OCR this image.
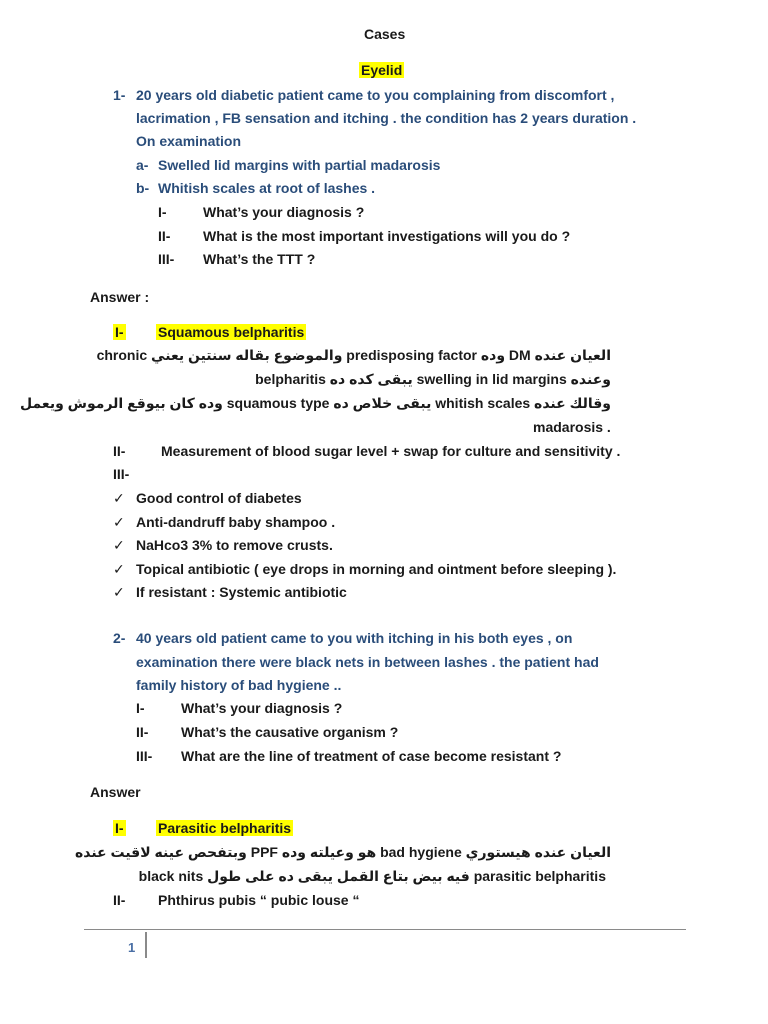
Cases
Eyelid
1- 20 years old diabetic patient came to you complaining from discomfort ,
lacrimation , FB sensation and itching . the condition has 2 years duration .
On examination
a- Swelled lid margins with partial madarosis
b- Whitish scales at root of lashes .
I-	What’s your diagnosis ?
II- What is the most important investigations will you do ?
III- What’s the TTT ?
Answer :
I- Squamous belpharitis
العيان عنده DM وده predisposing factor والموضوع بقاله سنتين يعني chronic
وعنده swelling in lid margins يبقى كده ده belpharitis
وقالك عنده whitish scales يبقى خلاص ده squamous type وده كان بيوقع الرموش ويعمل
madarosis .
II-	Measurement of blood sugar level + swap for culture and sensitivity .
III-
✓
Good control of diabetes
✓
Anti-dandruff baby shampoo .
✓
NaHco3 3% to remove crusts.
✓
Topical antibiotic ( eye drops in morning and ointment before sleeping ).
✓
If resistant : Systemic antibiotic
2- 40 years old patient came to you with itching in his both eyes , on
examination there were black nets in between lashes . the patient had
family history of bad hygiene ..
I-	What’s your diagnosis ?
II- What’s the causative organism ?
III- What are the line of treatment of case become resistant ?
Answer
I- Parasitic belpharitis
العيان عنده هيستوري bad hygiene هو وعيلته وده PPF وبتفحص عينه لاقيت عنده
black nits فيه بيض بتاع القمل يبقى ده على طول parasitic belpharitis
II- Phthirus pubis “ pubic louse “
1
